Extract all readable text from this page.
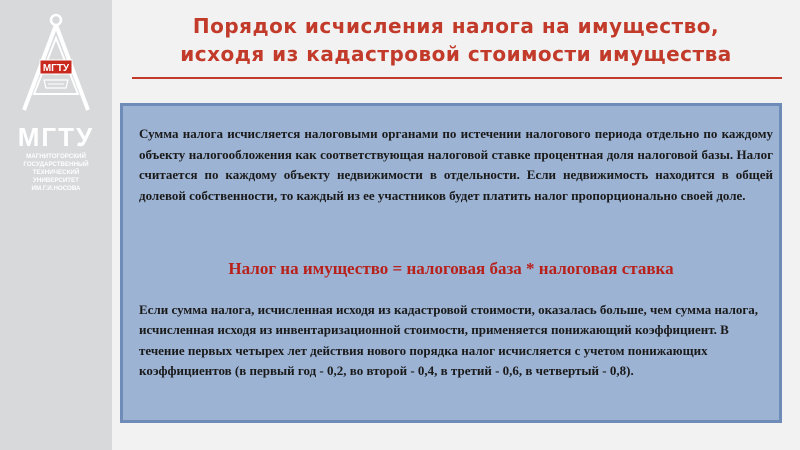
МГТУ
МГТУ
МАГНИТОГОРСКИЙ
ГОСУДАРСТВЕННЫЙ
ТЕХНИЧЕСКИЙ
УНИВЕРСИТЕТ
ИМ.Г.И.НОСОВА
Порядок исчисления налога на имущество,
исходя из кадастровой стоимости имущества

Сумма налога исчисляется налоговыми органами по истечении налогового периода отдельно по каждому объекту налогообложения как соответствующая налоговой ставке процентная доля налоговой базы. Налог считается по каждому объекту недвижимости в отдельности. Если недвижимость находится в общей долевой собственности, то каждый из ее участников будет платить налог пропорционально своей доле.

Налог на имущество = налоговая база * налоговая ставка

Если сумма налога, исчисленная исходя из кадастровой стоимости, оказалась больше, чем сумма налога, исчисленная исходя из инвентаризационной стоимости, применяется понижающий коэффициент. В течение первых четырех лет действия нового порядка налог исчисляется с учетом понижающих коэффициентов (в первый год - 0,2, во второй - 0,4, в третий - 0,6, в четвертый - 0,8).
